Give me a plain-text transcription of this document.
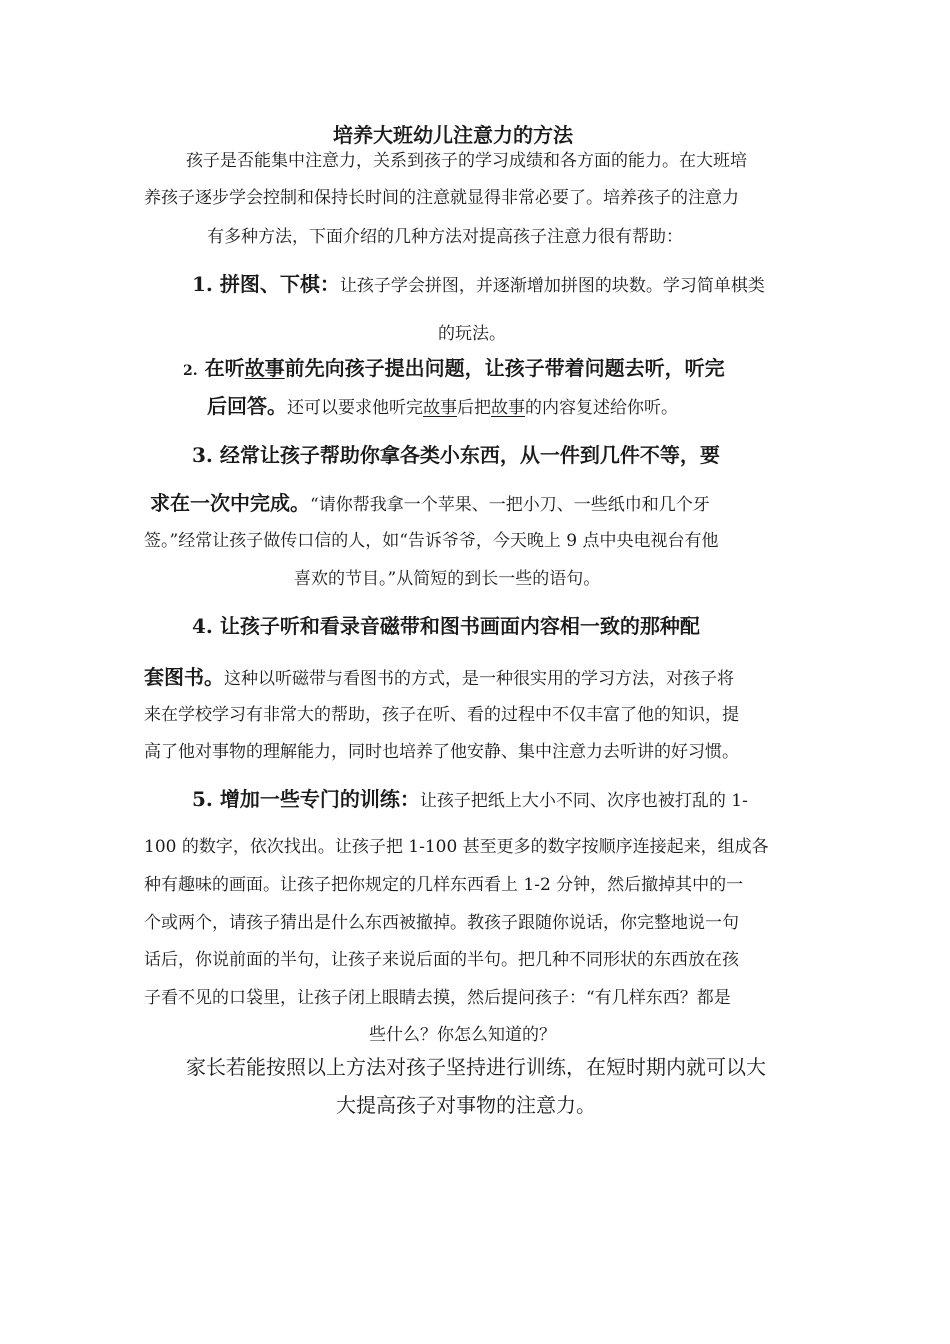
培养大班幼儿注意力的方法
孩子是否能集中注意力，关系到孩子的学习成绩和各方面的能力。在大班培
养孩子逐步学会控制和保持长时间的注意就显得非常必要了。培养孩子的注意力
有多种方法，下面介绍的几种方法对提高孩子注意力很有帮助：
1. 拼图、下棋：让孩子学会拼图，并逐渐增加拼图的块数。学习简单棋类
的玩法。
2. 在听故事前先向孩子提出问题，让孩子带着问题去听，听完
后回答。还可以要求他听完故事后把故事的内容复述给你听。
3. 经常让孩子帮助你拿各类小东西，从一件到几件不等，要
求在一次中完成。“请你帮我拿一个苹果、一把小刀、一些纸巾和几个牙
签。”经常让孩子做传口信的人，如“告诉爷爷，今天晚上 9 点中央电视台有他
喜欢的节目。”从简短的到长一些的语句。
4. 让孩子听和看录音磁带和图书画面内容相一致的那种配
套图书。这种以听磁带与看图书的方式，是一种很实用的学习方法，对孩子将
来在学校学习有非常大的帮助，孩子在听、看的过程中不仅丰富了他的知识，提
高了他对事物的理解能力，同时也培养了他安静、集中注意力去听讲的好习惯。
5. 增加一些专门的训练：让孩子把纸上大小不同、次序也被打乱的 1-
100 的数字，依次找出。让孩子把 1-100 甚至更多的数字按顺序连接起来，组成各
种有趣味的画面。让孩子把你规定的几样东西看上 1-2 分钟，然后撤掉其中的一
个或两个，请孩子猜出是什么东西被撤掉。教孩子跟随你说话，你完整地说一句
话后，你说前面的半句，让孩子来说后面的半句。把几种不同形状的东西放在孩
子看不见的口袋里，让孩子闭上眼睛去摸，然后提问孩子：“有几样东西？都是
些什么？你怎么知道的？
家长若能按照以上方法对孩子坚持进行训练，在短时期内就可以大
大提高孩子对事物的注意力。
